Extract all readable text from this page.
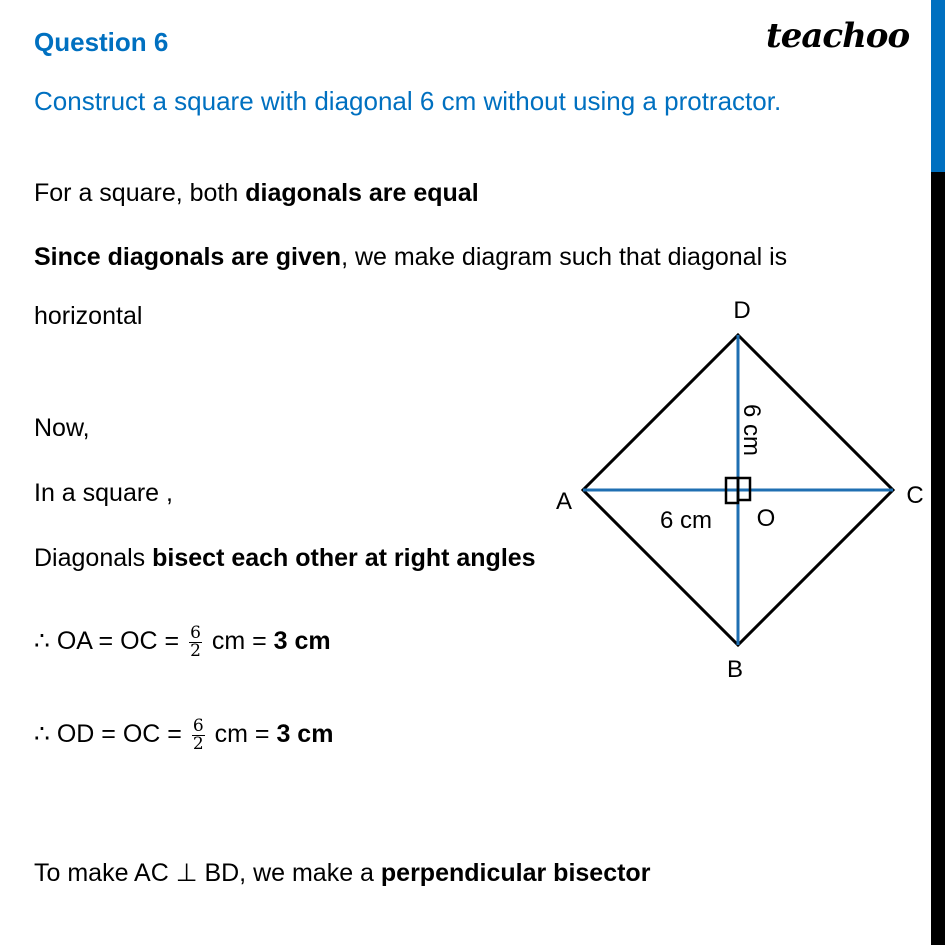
Question 6	teachoo
Construct a square with diagonal 6 cm without using a protractor.
For a square, both diagonals are equal
Since diagonals are given, we make diagram such that diagonal is
horizontal
Now,
In a square ,
Diagonals bisect each other at right angles
∴ OA = OC = $\frac{6}{2}$ cm = 3 cm
∴ OD = OC = $\frac{6}{2}$ cm = 3 cm
To make AC ⊥ BD, we make a perpendicular bisector
D
A	C
B
O
6 cm
6 cm
